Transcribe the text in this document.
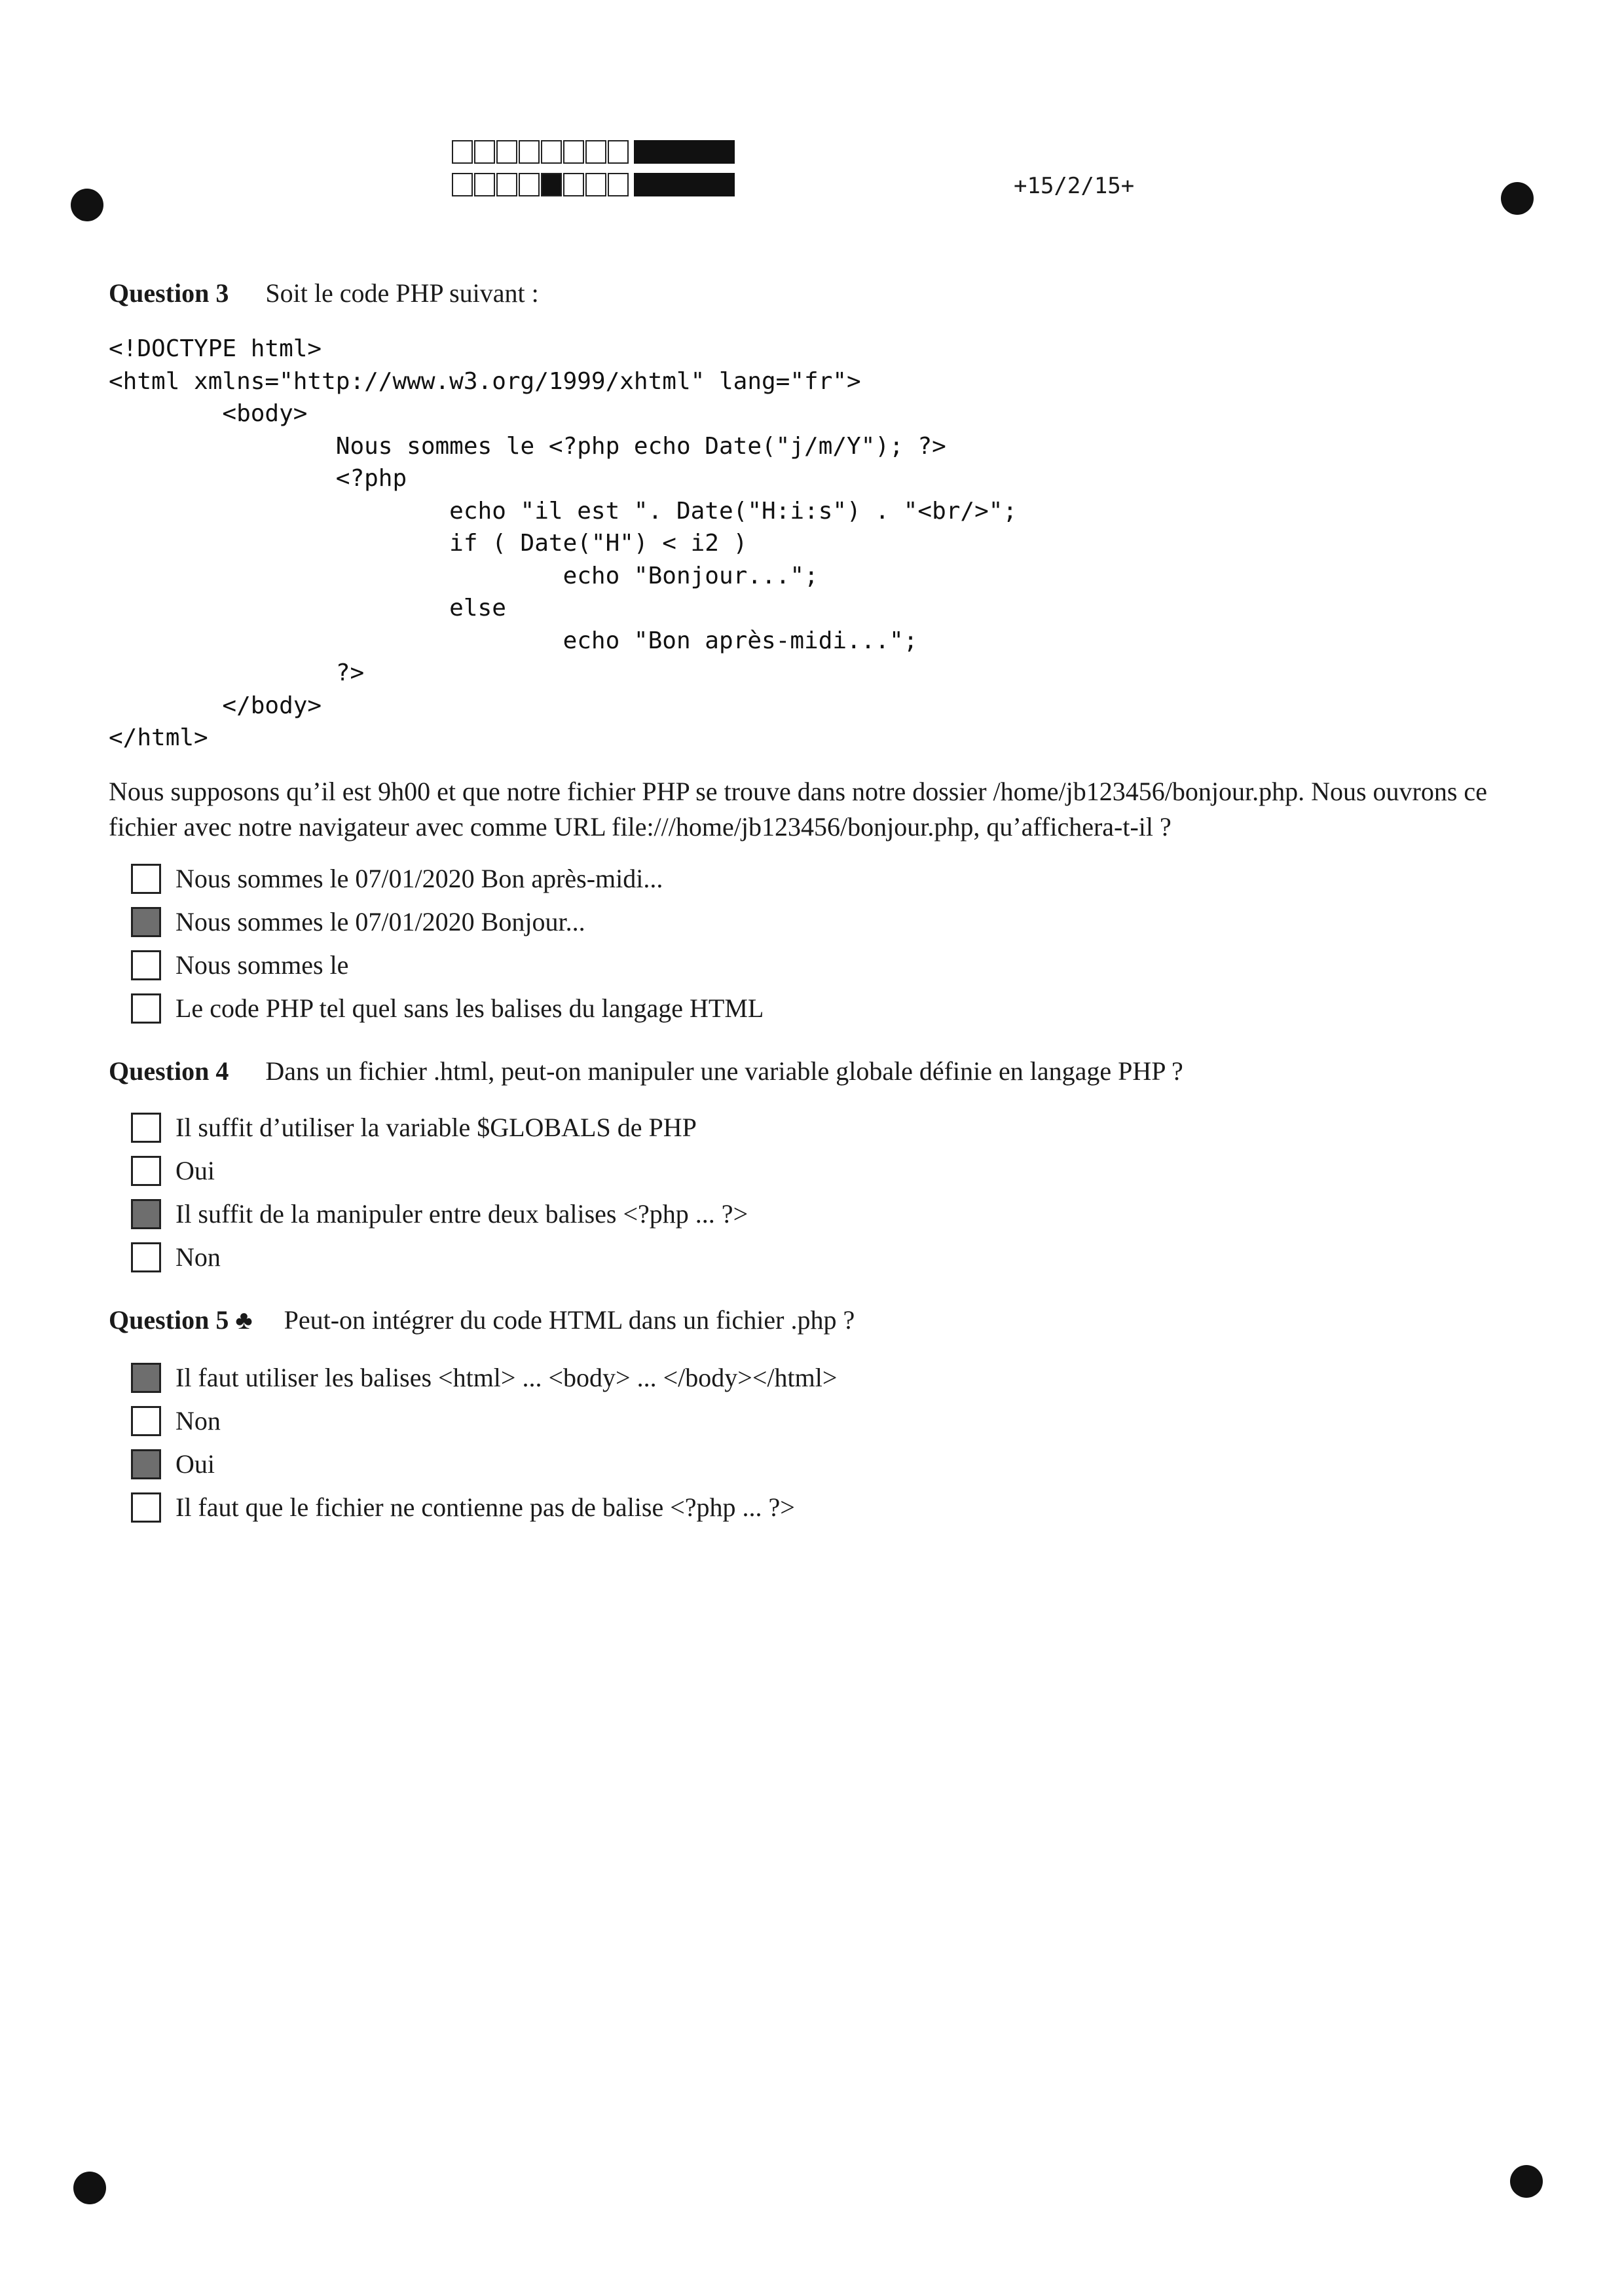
+15/2/15+
Question 3 Soit le code PHP suivant :
<!DOCTYPE html>
<html xmlns="http://www.w3.org/1999/xhtml" lang="fr">
<body>
Nous sommes le <?php echo Date("j/m/Y"); ?>
<?php
echo "il est ". Date("H:i:s") . "<br/>";
if ( Date("H") < i2 )
echo "Bonjour...";
else
echo "Bon après-midi...";
?>
</body>
</html>
Nous supposons qu’il est 9h00 et que notre fichier PHP se trouve dans notre dossier /home/jb123456/bonjour.php. Nous ouvrons ce fichier avec notre navigateur avec comme URL file:///home/jb123456/bonjour.php, qu’affichera-t-il ?
Nous sommes le 07/01/2020 Bon après-midi...
Nous sommes le 07/01/2020 Bonjour...
Nous sommes le
Le code PHP tel quel sans les balises du langage HTML
Question 4 Dans un fichier .html, peut-on manipuler une variable globale définie en langage PHP ?
Il suffit d’utiliser la variable $GLOBALS de PHP
Oui
Il suffit de la manipuler entre deux balises <?php ... ?>
Non
Question 5 ♣ Peut-on intégrer du code HTML dans un fichier .php ?
Il faut utiliser les balises <html> ... <body> ... </body></html>
Non
Oui
Il faut que le fichier ne contienne pas de balise <?php ... ?>
